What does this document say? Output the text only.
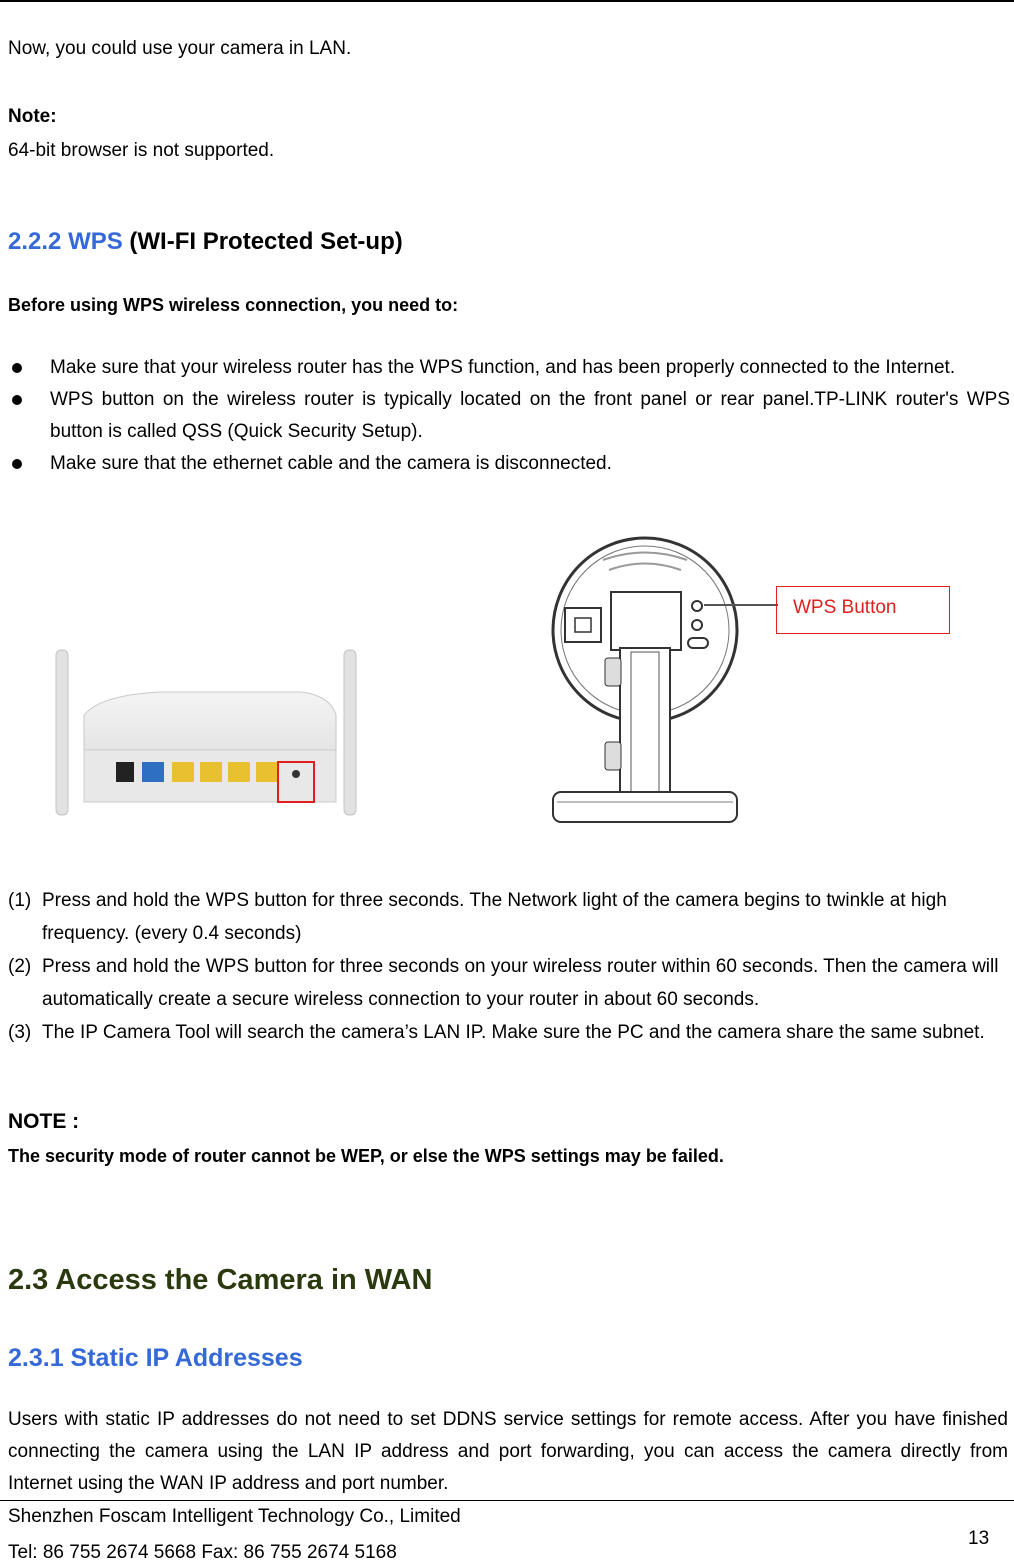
Now, you could use your camera in LAN.

Note:

64-bit browser is not supported.

2.2.2 WPS (WI-FI Protected Set-up)

Before using WPS wireless connection, you need to:

Make sure that your wireless router has the WPS function, and has been properly connected to the Internet.
WPS button on the wireless router is typically located on the front panel or rear panel.TP-LINK router's WPS button is called QSS (Quick Security Setup).
Make sure that the ethernet cable and the camera is disconnected.
WPS Button
(1) Press and hold the WPS button for three seconds. The Network light of the camera begins to twinkle at high frequency. (every 0.4 seconds)
(2) Press and hold the WPS button for three seconds on your wireless router within 60 seconds. Then the camera will automatically create a secure wireless connection to your router in about 60 seconds.
(3) The IP Camera Tool will search the camera’s LAN IP. Make sure the PC and the camera share the same subnet.

NOTE :

The security mode of router cannot be WEP, or else the WPS settings may be failed.

2.3 Access the Camera in WAN

2.3.1 Static IP Addresses

Users with static IP addresses do not need to set DDNS service settings for remote access. After you have finished connecting the camera using the LAN IP address and port forwarding, you can access the camera directly from Internet using the WAN IP address and port number.

Shenzhen Foscam Intelligent Technology Co., Limited

Tel: 86 755 2674 5668 Fax: 86 755 2674 5168

13
